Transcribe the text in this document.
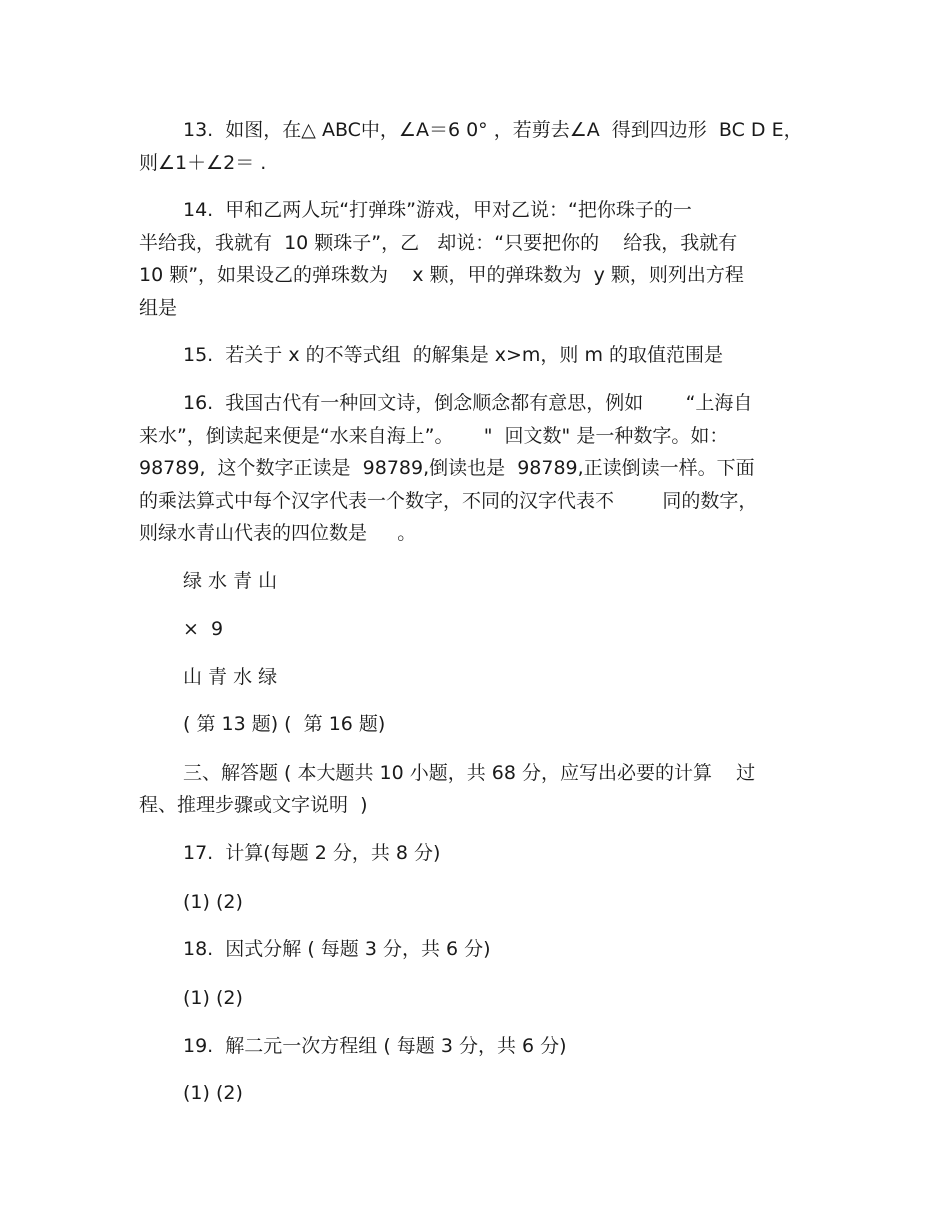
13.  如图，在△ ABC中，∠A＝6 0° ，若剪去∠A  得到四边形  BC D E，

则∠1＋∠2＝ .

14.  甲和乙两人玩“打弹珠”游戏，甲对乙说：“把你珠子的一

半给我，我就有  10 颗珠子”，乙   却说：“只要把你的    给我，我就有

10 颗”，如果设乙的弹珠数为    x 颗，甲的弹珠数为  y 颗，则列出方程

组是

15.  若关于 x 的不等式组  的解集是 x>m，则 m 的取值范围是

16.  我国古代有一种回文诗，倒念顺念都有意思，例如       “上海自

来水”，倒读起来便是“水来自海上”。     "  回文数" 是一种数字。如：

98789,  这个数字正读是  98789,倒读也是  98789,正读倒读一样。下面

的乘法算式中每个汉字代表一个数字，不同的汉字代表不        同的数字，

则绿水青山代表的四位数是     。

绿 水 青 山

×  9

山 青 水 绿

( 第 13 题) (  第 16 题)

三、解答题 ( 本大题共 10 小题，共 68 分，应写出必要的计算    过

程、推理步骤或文字说明  )

17.  计算(每题 2 分，共 8 分)

(1) (2)

18.  因式分解 ( 每题 3 分，共 6 分)

(1) (2)

19.  解二元一次方程组 ( 每题 3 分，共 6 分)

(1) (2)
